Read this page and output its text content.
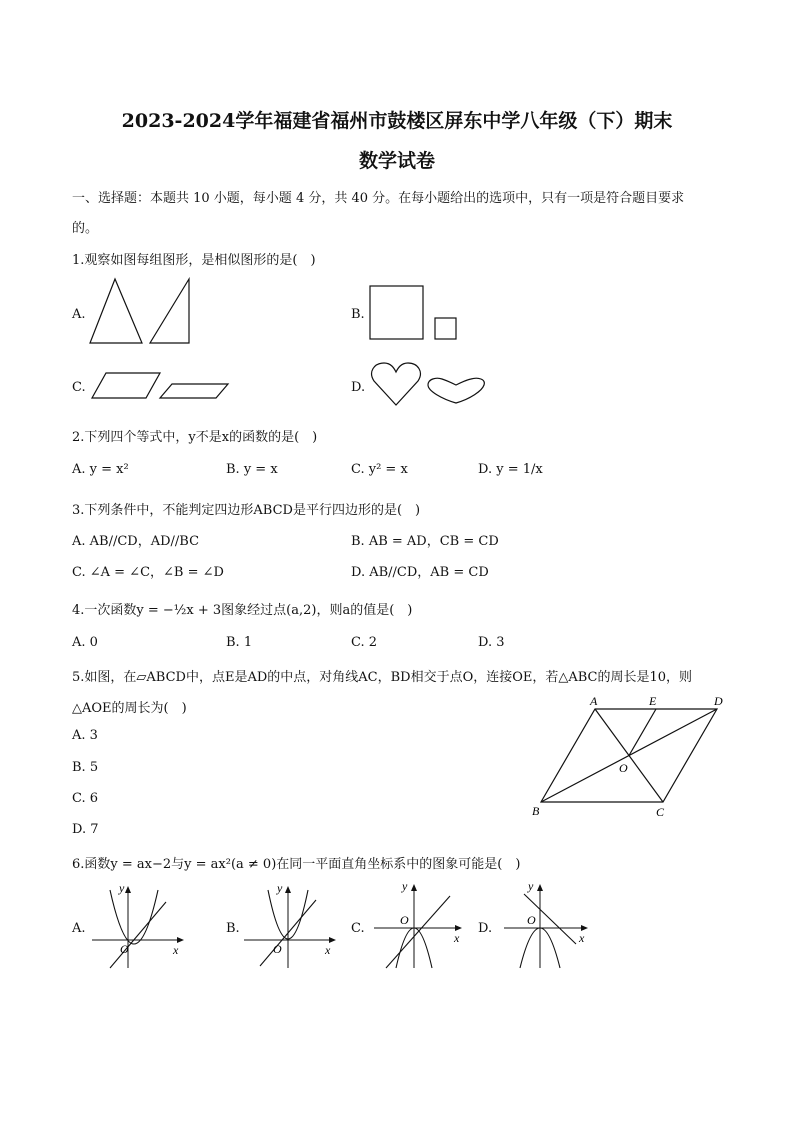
2023-2024学年福建省福州市鼓楼区屏东中学八年级（下）期末
数学试卷
一、选择题：本题共 10 小题，每小题 4 分，共 40 分。在每小题给出的选项中，只有一项是符合题目要求
的。
1.观察如图每组图形，是相似图形的是(　)
A.	B.
C.	D.
2.下列四个等式中，y不是x的函数的是(　)
A. y = x²	B. y = x	C. y² = x	D. y = 1/x
3.下列条件中，不能判定四边形ABCD是平行四边形的是(　)
A. AB//CD，AD//BC	B. AB = AD，CB = CD
C. ∠A = ∠C，∠B = ∠D	D. AB//CD，AB = CD
4.一次函数y = −½x + 3图象经过点(a,2)，则a的值是(　)
A. 0	B. 1	C. 2	D. 3
5.如图，在▱ABCD中，点E是AD的中点，对角线AC，BD相交于点O，连接OE，若△ABC的周长是10，则
△AOE的周长为(　)
A. 3
B. 5
C. 6
D. 7
A	E	D
O
B	C
6.函数y = ax−2与y = ax²(a ≠ 0)在同一平面直角坐标系中的图象可能是(　)
A.
y
O	x
B.
y
O	x
C.
y
O
x
D.
y
O
x
